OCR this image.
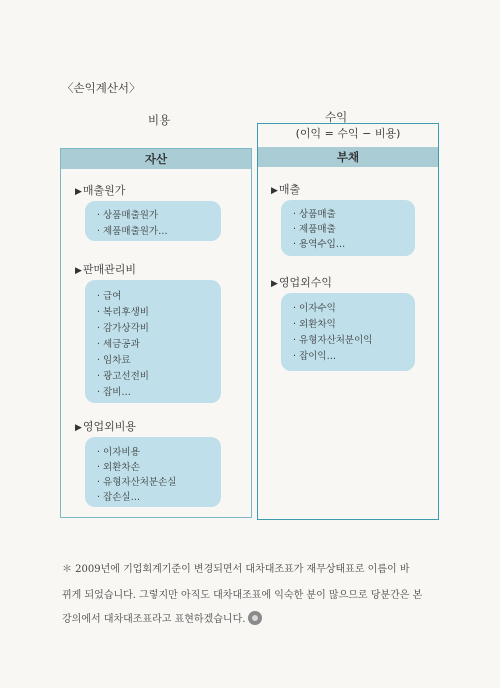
〈손익계산서〉
비용	수익
(이익 = 수익 − 비용)
자산
▶매출원가
· 상품매출원가
· 제품매출원가…
▶판매관리비
· 급여
· 복리후생비
· 감가상각비
· 세금공과
· 임차료
· 광고선전비
· 잡비…
▶영업외비용
· 이자비용
· 외환차손
· 유형자산처분손실
· 잡손실…
부채
▶매출
· 상품매출
· 제품매출
· 용역수입…
▶영업외수익
· 이자수익
· 외환차익
· 유형자산처분이익
· 잡이익…
＊ 2009년에 기업회계기준이 변경되면서 대차대조표가 재무상태표로 이름이 바
뀌게 되었습니다. 그렇지만 아직도 대차대조표에 익숙한 분이 많으므로 당분간은 본
강의에서 대차대조표라고 표현하겠습니다.
